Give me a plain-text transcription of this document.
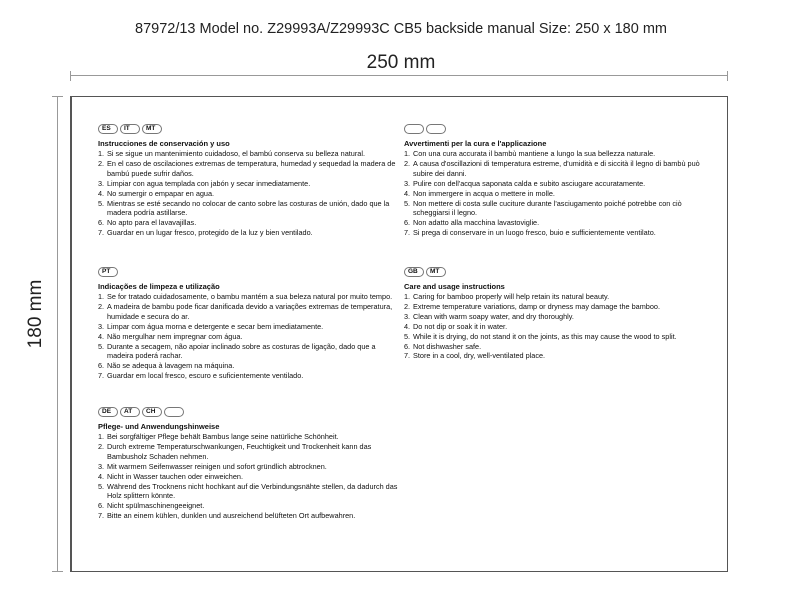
87972/13 Model no. Z29993A/Z29993C CB5 backside manual Size: 250 x 180 mm
250 mm
180 mm
ES	IT	MT
Instrucciones de conservación y uso
1. Si se sigue un mantenimiento cuidadoso, el bambú conserva su belleza natural.
2. En el caso de oscilaciones extremas de temperatura, humedad y sequedad la madera de bambú puede sufrir daños.
3. Limpiar con agua templada con jabón y secar inmediatamente.
4. No sumergir o empapar en agua.
5. Mientras se esté secando no colocar de canto sobre las costuras de unión, dado que la madera podría astillarse.
6. No apto para el lavavajillas.
7. Guardar en un lugar fresco, protegido de la luz y bien ventilado.
Avvertimenti per la cura e l'applicazione
1. Con una cura accurata il bambù mantiene a lungo la sua bellezza naturale.
2. A causa d'oscillazioni di temperatura estreme, d'umidità e di siccità il legno di bambù può subire dei danni.
3. Pulire con dell'acqua saponata calda e subito asciugare accuratamente.
4. Non immergere in acqua o mettere in molle.
5. Non mettere di costa sulle cuciture durante l'asciugamento poiché potrebbe con ciò scheggiarsi il legno.
6. Non adatto alla macchina lavastoviglie.
7. Si prega di conservare in un luogo fresco, buio e sufficientemente ventilato.
PT
Indicações de limpeza e utilização
1. Se for tratado cuidadosamente, o bambu mantém a sua beleza natural por muito tempo.
2. A madeira de bambu pode ficar danificada devido a variações extremas de temperatura, humidade e secura do ar.
3. Limpar com água morna e detergente e secar bem imediatamente.
4. Não mergulhar nem impregnar com água.
5. Durante a secagem, não apoiar inclinado sobre as costuras de ligação, dado que a madeira poderá rachar.
6. Não se adequa à lavagem na máquina.
7. Guardar em local fresco, escuro e suficientemente ventilado.
GB	MT
Care and usage instructions
1. Caring for bamboo properly will help retain its natural beauty.
2. Extreme temperature variations, damp or dryness may damage the bamboo.
3. Clean with warm soapy water, and dry thoroughly.
4. Do not dip or soak it in water.
5. While it is drying, do not stand it on the joints, as this may cause the wood to split.
6. Not dishwasher safe.
7. Store in a cool, dry, well-ventilated place.
DE	AT	CH
Pflege- und Anwendungshinweise
1. Bei sorgfältiger Pflege behält Bambus lange seine natürliche Schönheit.
2. Durch extreme Temperaturschwankungen, Feuchtigkeit und Trockenheit kann das Bambusholz Schaden nehmen.
3. Mit warmem Seifenwasser reinigen und sofort gründlich abtrocknen.
4. Nicht in Wasser tauchen oder einweichen.
5. Während des Trocknens nicht hochkant auf die Verbindungsnähte stellen, da dadurch das Holz splittern könnte.
6. Nicht spülmaschinengeeignet.
7. Bitte an einem kühlen, dunklen und ausreichend belüfteten Ort aufbewahren.
